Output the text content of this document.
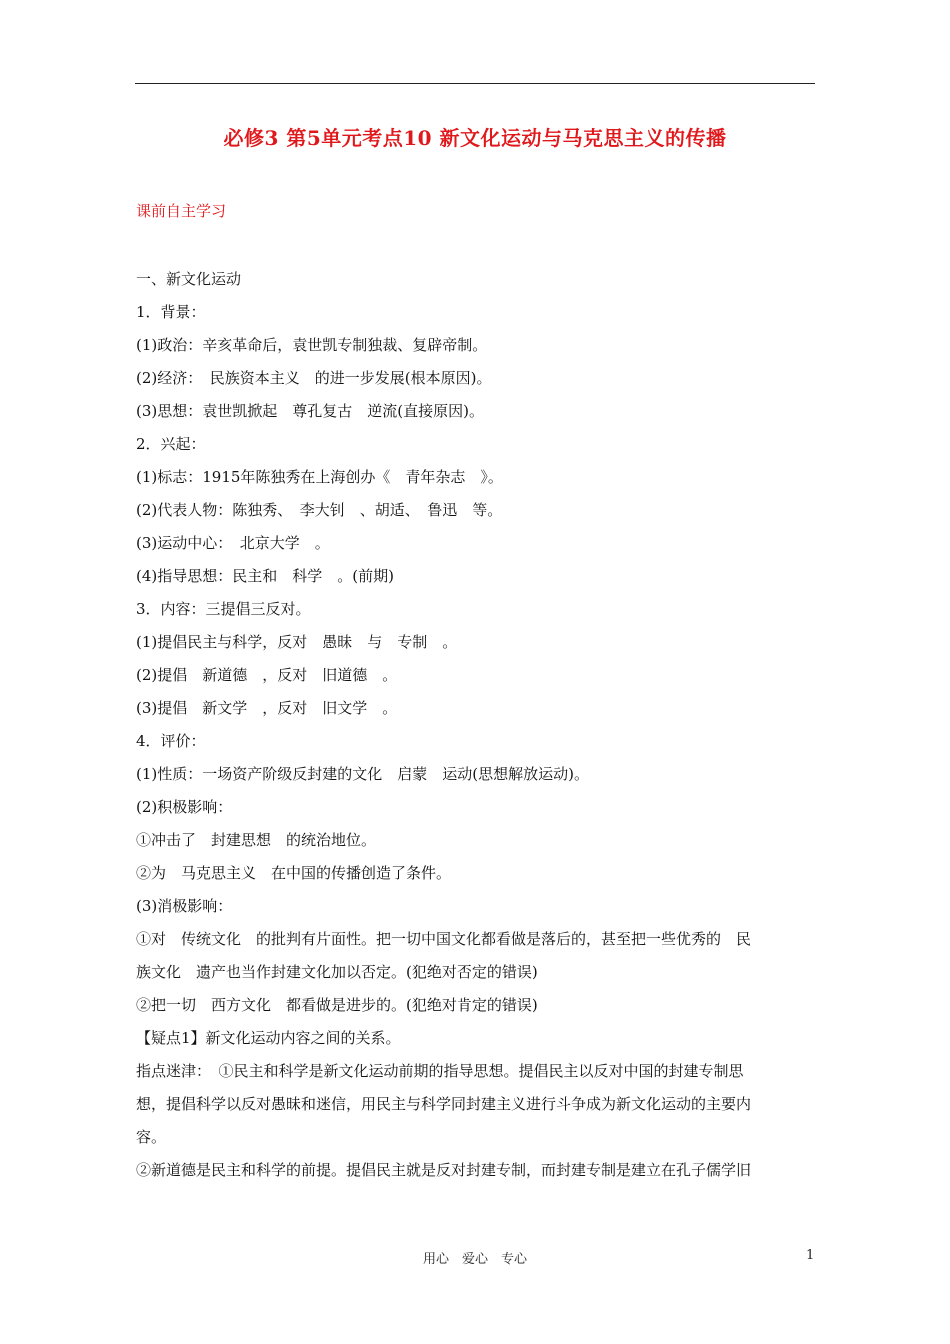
必修3 第5单元考点10 新文化运动与马克思主义的传播
课前自主学习
一、新文化运动
1．背景：
(1)政治：辛亥革命后，袁世凯专制独裁、复辟帝制。
(2)经济：　民族资本主义　的进一步发展(根本原因)。
(3)思想：袁世凯掀起　尊孔复古　逆流(直接原因)。
2．兴起：
(1)标志：1915年陈独秀在上海创办《　青年杂志　》。
(2)代表人物：陈独秀、　李大钊　、胡适、　鲁迅　等。
(3)运动中心：　北京大学　。
(4)指导思想：民主和　科学　。(前期)
3．内容：三提倡三反对。
(1)提倡民主与科学，反对　愚昧　与　专制　。
(2)提倡　新道德　，反对　旧道德　。
(3)提倡　新文学　，反对　旧文学　。
4．评价：
(1)性质：一场资产阶级反封建的文化　启蒙　运动(思想解放运动)。
(2)积极影响：
①冲击了　封建思想　的统治地位。
②为　马克思主义　在中国的传播创造了条件。
(3)消极影响：
①对　传统文化　的批判有片面性。把一切中国文化都看做是落后的，甚至把一些优秀的　民
族文化　遗产也当作封建文化加以否定。(犯绝对否定的错误)
②把一切　西方文化　都看做是进步的。(犯绝对肯定的错误)
【疑点1】新文化运动内容之间的关系。
指点迷津：　①民主和科学是新文化运动前期的指导思想。提倡民主以反对中国的封建专制思
想，提倡科学以反对愚昧和迷信，用民主与科学同封建主义进行斗争成为新文化运动的主要内
容。
②新道德是民主和科学的前提。提倡民主就是反对封建专制，而封建专制是建立在孔子儒学旧
用心　爱心　专心	1
